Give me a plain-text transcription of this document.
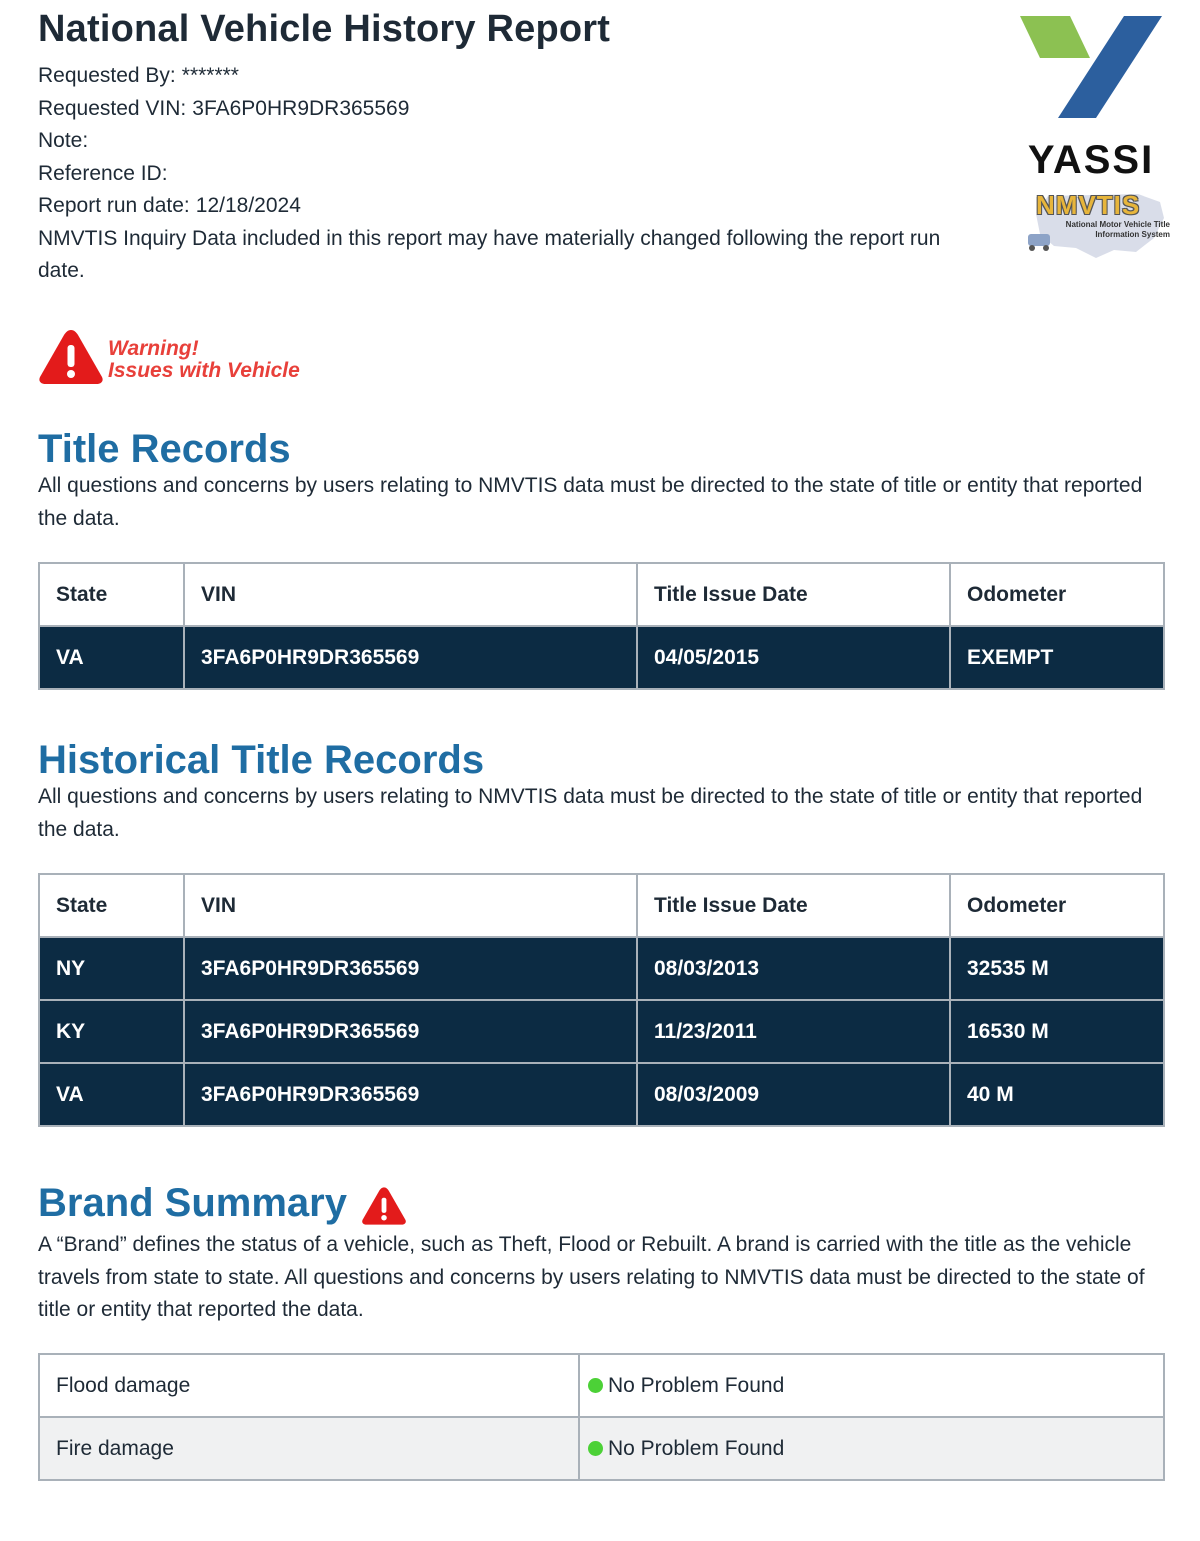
National Vehicle History Report
Requested By: *******
Requested VIN: 3FA6P0HR9DR365569
Note:
Reference ID:
Report run date: 12/18/2024
NMVTIS Inquiry Data included in this report may have materially changed following the report run
date.
YASSI
NMVTIS
National Motor Vehicle Title Information System
Warning!
Issues with Vehicle
Title Records
All questions and concerns by users relating to NMVTIS data must be directed to the state of title or entity that reported the data.
State	VIN	Title Issue Date	Odometer
VA	3FA6P0HR9DR365569	04/05/2015	EXEMPT
Historical Title Records
All questions and concerns by users relating to NMVTIS data must be directed to the state of title or entity that reported the data.
State	VIN	Title Issue Date	Odometer
NY	3FA6P0HR9DR365569	08/03/2013	32535 M
KY	3FA6P0HR9DR365569	11/23/2011	16530 M
VA	3FA6P0HR9DR365569	08/03/2009	40 M
Brand Summary
A “Brand” defines the status of a vehicle, such as Theft, Flood or Rebuilt. A brand is carried with the title as the vehicle travels from state to state. All questions and concerns by users relating to NMVTIS data must be directed to the state of title or entity that reported the data.
Flood damage	No Problem Found
Fire damage	No Problem Found
